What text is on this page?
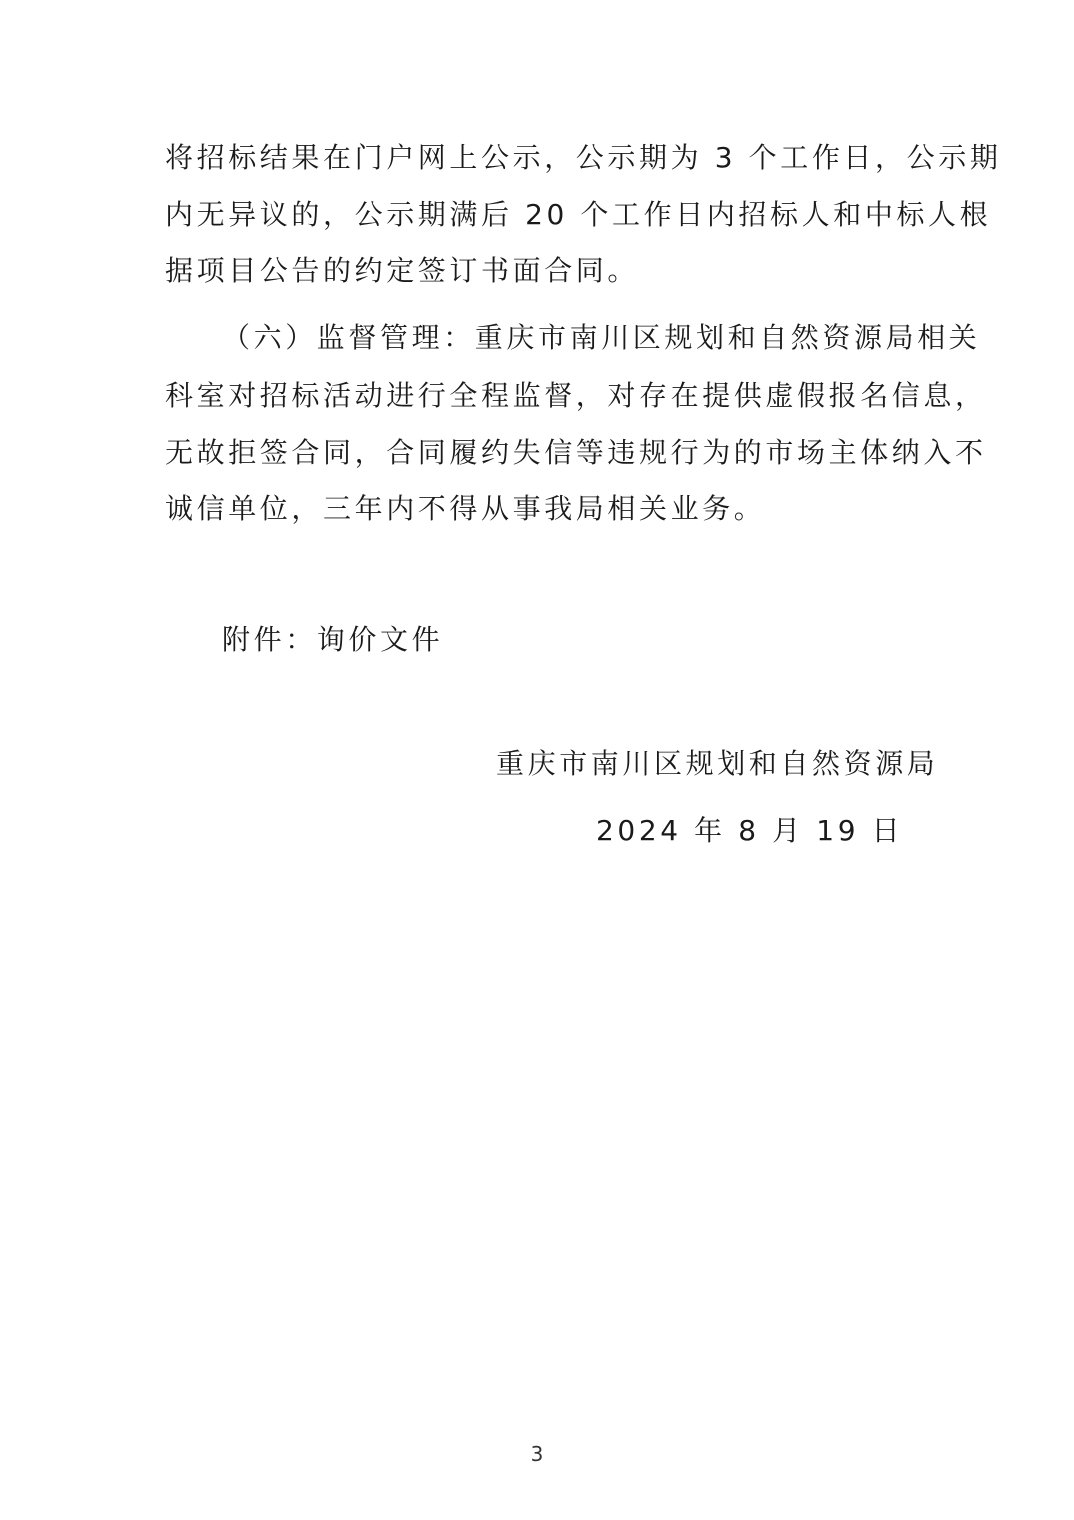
将招标结果在门户网上公示，公示期为 3 个工作日，公示期
内无异议的，公示期满后 20 个工作日内招标人和中标人根
据项目公告的约定签订书面合同。
（六）监督管理：重庆市南川区规划和自然资源局相关
科室对招标活动进行全程监督，对存在提供虚假报名信息，
无故拒签合同，合同履约失信等违规行为的市场主体纳入不
诚信单位，三年内不得从事我局相关业务。
附件：询价文件
重庆市南川区规划和自然资源局
2024 年 8 月 19 日
3
